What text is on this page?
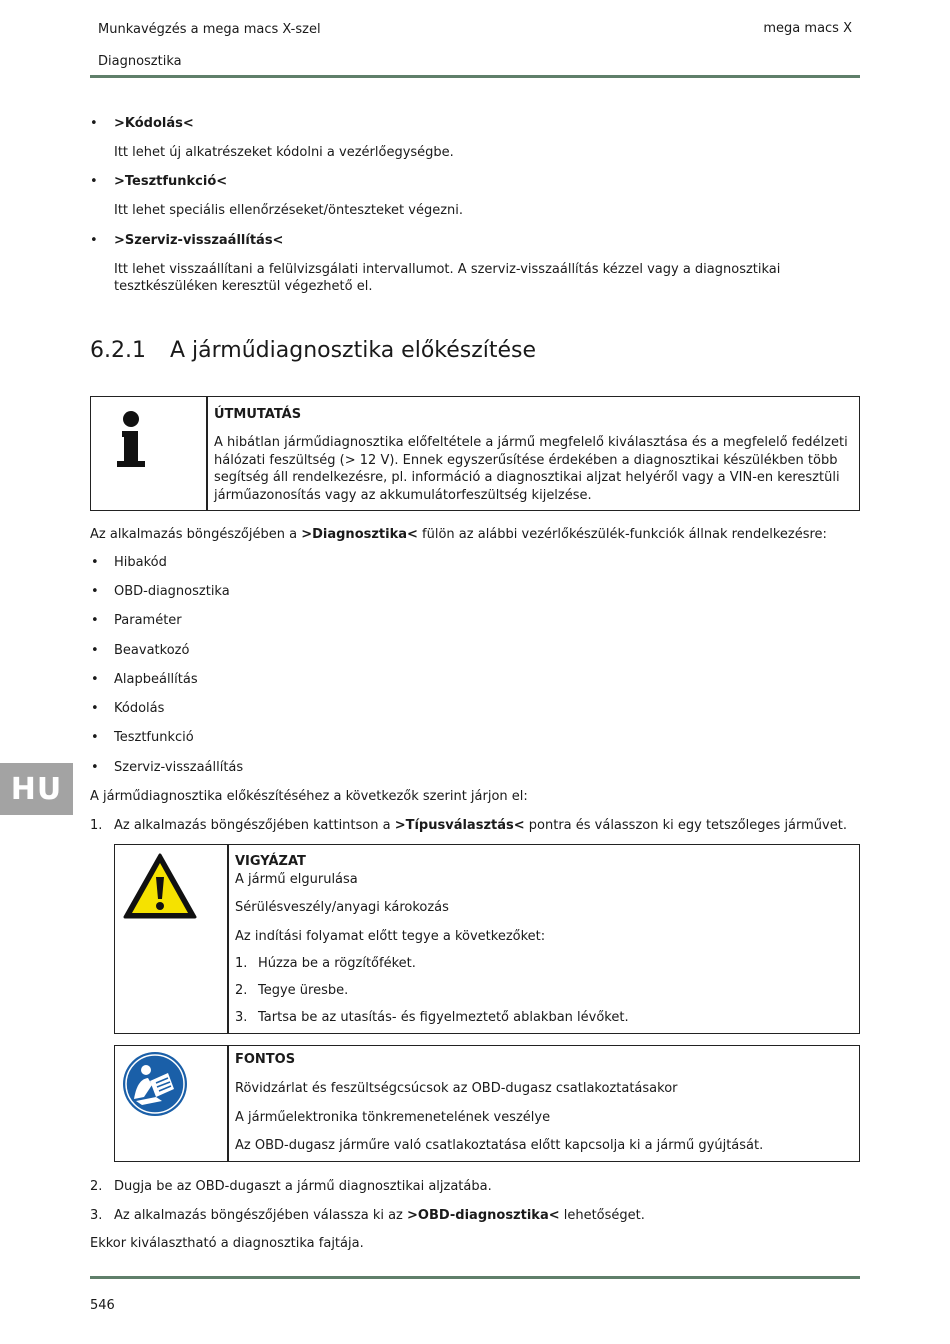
Munkavégzés a mega macs X-szel
Diagnosztika
mega macs X
• >Kódolás<
Itt lehet új alkatrészeket kódolni a vezérlőegységbe.
• >Tesztfunkció<
Itt lehet speciális ellenőrzéseket/önteszteket végezni.
• >Szerviz-visszaállítás<
Itt lehet visszaállítani a felülvizsgálati intervallumot. A szerviz-visszaállítás kézzel vagy a diagnosztikai tesztkészüléken keresztül végezhető el.
6.2.1 A járműdiagnosztika előkészítése
ÚTMUTATÁS
A hibátlan járműdiagnosztika előfeltétele a jármű megfelelő kiválasztása és a megfelelő fedélzeti hálózati feszültség (> 12 V). Ennek egyszerűsítése érdekében a diagnosztikai készülékben több segítség áll rendelkezésre, pl. információ a diagnosztikai aljzat helyéről vagy a VIN-en keresztüli járműazonosítás vagy az akkumulátorfeszültség kijelzése.
Az alkalmazás böngészőjében a >Diagnosztika< fülön az alábbi vezérlőkészülék-funkciók állnak rendelkezésre:
• Hibakód
• OBD-diagnosztika
• Paraméter
• Beavatkozó
• Alapbeállítás
• Kódolás
• Tesztfunkció
• Szerviz-visszaállítás
HU	A járműdiagnosztika előkészítéséhez a következők szerint járjon el:
1. Az alkalmazás böngészőjében kattintson a >Típusválasztás< pontra és válasszon ki egy tetszőleges járművet.
VIGYÁZAT
A jármű elgurulása
Sérülésveszély/anyagi károkozás
Az indítási folyamat előtt tegye a következőket:
1. Húzza be a rögzítőféket.
2. Tegye üresbe.
3. Tartsa be az utasítás- és figyelmeztető ablakban lévőket.
FONTOS
Rövidzárlat és feszültségcsúcsok az OBD-dugasz csatlakoztatásakor
A járműelektronika tönkremenetelének veszélye
Az OBD-dugasz járműre való csatlakoztatása előtt kapcsolja ki a jármű gyújtását.
2. Dugja be az OBD-dugaszt a jármű diagnosztikai aljzatába.
3. Az alkalmazás böngészőjében válassza ki az >OBD-diagnosztika< lehetőséget.
Ekkor kiválasztható a diagnosztika fajtája.
546
